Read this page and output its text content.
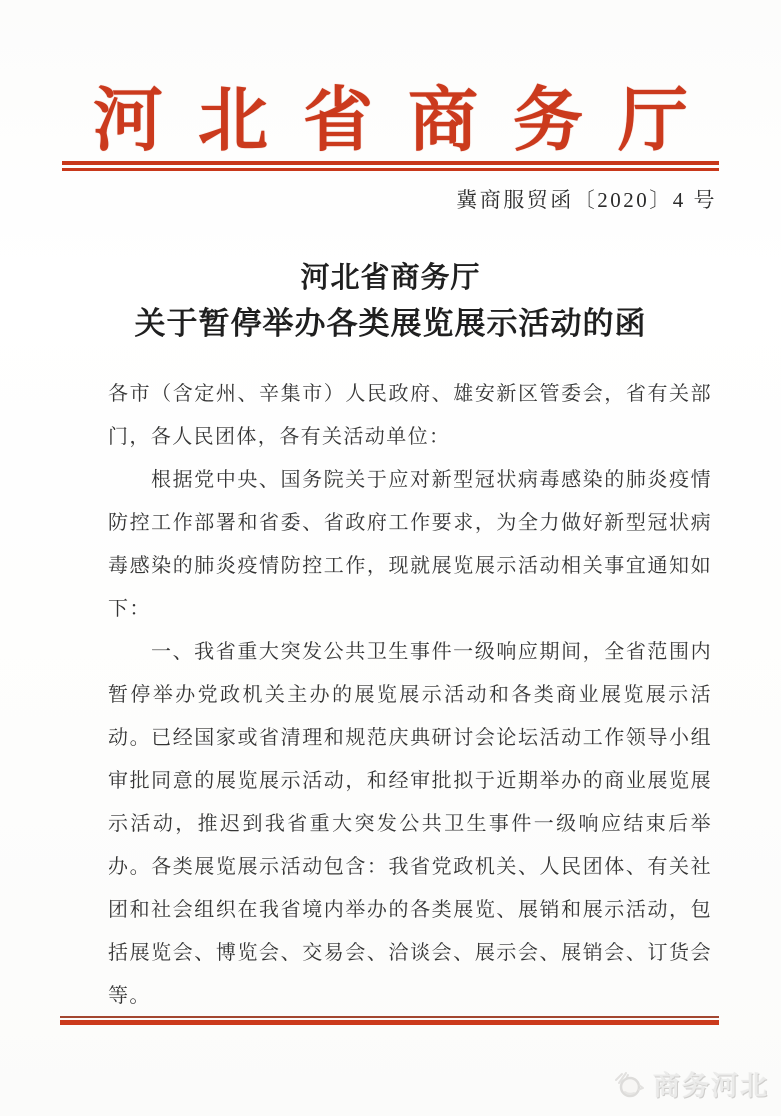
河北省商务厅
冀商服贸函〔2020〕4 号
河北省商务厅
关于暂停举办各类展览展示活动的函

各市（含定州、辛集市）人民政府、雄安新区管委会，省有关部门，各人民团体，各有关活动单位：

根据党中央、国务院关于应对新型冠状病毒感染的肺炎疫情防控工作部署和省委、省政府工作要求，为全力做好新型冠状病毒感染的肺炎疫情防控工作，现就展览展示活动相关事宜通知如下：

一、我省重大突发公共卫生事件一级响应期间，全省范围内暂停举办党政机关主办的展览展示活动和各类商业展览展示活动。已经国家或省清理和规范庆典研讨会论坛活动工作领导小组审批同意的展览展示活动，和经审批拟于近期举办的商业展览展示活动，推迟到我省重大突发公共卫生事件一级响应结束后举办。各类展览展示活动包含：我省党政机关、人民团体、有关社团和社会组织在我省境内举办的各类展览、展销和展示活动，包括展览会、博览会、交易会、洽谈会、展示会、展销会、订货会等。

商务河北
